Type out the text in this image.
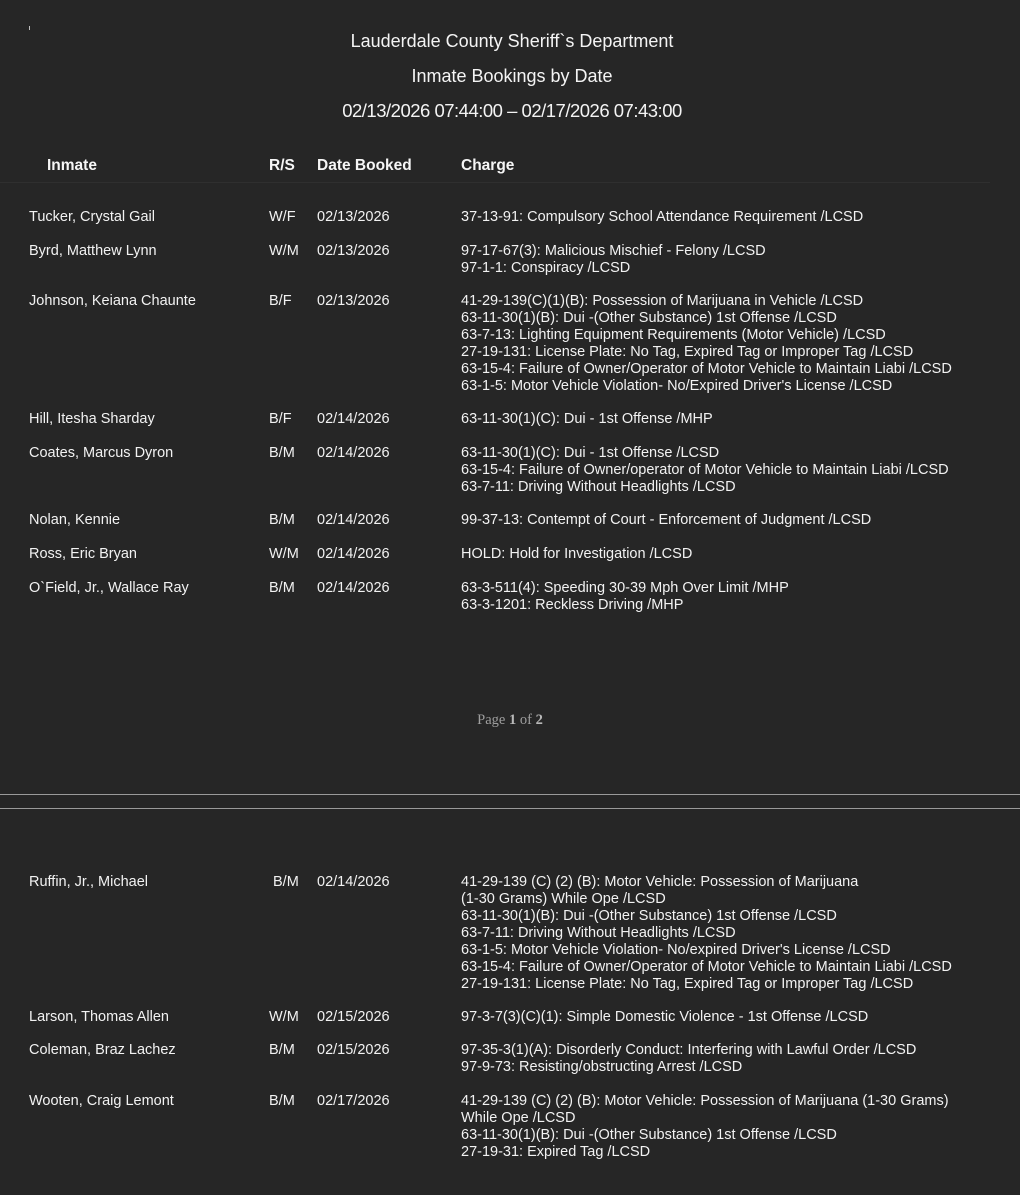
Lauderdale County Sheriff`s Department
Inmate Bookings by Date
02/13/2026 07:44:00 – 02/17/2026 07:43:00
Inmate	R/S Date Booked	Charge
Tucker, Crystal Gail	W/F 02/13/2026	37-13-91: Compulsory School Attendance Requirement /LCSD
Byrd, Matthew Lynn	W/M 02/13/2026	97-17-67(3): Malicious Mischief - Felony /LCSD
97-1-1: Conspiracy /LCSD
Johnson, Keiana Chaunte	B/F 02/13/2026	41-29-139(C)(1)(B): Possession of Marijuana in Vehicle /LCSD
63-11-30(1)(B): Dui -(Other Substance) 1st Offense /LCSD
63-7-13: Lighting Equipment Requirements (Motor Vehicle) /LCSD
27-19-131: License Plate: No Tag, Expired Tag or Improper Tag /LCSD
63-15-4: Failure of Owner/Operator of Motor Vehicle to Maintain Liabi /LCSD
63-1-5: Motor Vehicle Violation- No/Expired Driver's License /LCSD
Hill, Itesha Sharday	B/F 02/14/2026	63-11-30(1)(C): Dui - 1st Offense /MHP
Coates, Marcus Dyron	B/M 02/14/2026	63-11-30(1)(C): Dui - 1st Offense /LCSD
63-15-4: Failure of Owner/operator of Motor Vehicle to Maintain Liabi /LCSD
63-7-11: Driving Without Headlights /LCSD
Nolan, Kennie	B/M 02/14/2026	99-37-13: Contempt of Court - Enforcement of Judgment /LCSD
Ross, Eric Bryan	W/M 02/14/2026	HOLD: Hold for Investigation /LCSD
O`Field, Jr., Wallace Ray	B/M 02/14/2026	63-3-511(4): Speeding 30-39 Mph Over Limit /MHP
63-3-1201: Reckless Driving /MHP
Page 1 of 2
Ruffin, Jr., Michael	B/M 02/14/2026	41-29-139 (C) (2) (B): Motor Vehicle: Possession of Marijuana
(1-30 Grams) While Ope /LCSD
63-11-30(1)(B): Dui -(Other Substance) 1st Offense /LCSD
63-7-11: Driving Without Headlights /LCSD
63-1-5: Motor Vehicle Violation- No/expired Driver's License /LCSD
63-15-4: Failure of Owner/Operator of Motor Vehicle to Maintain Liabi /LCSD
27-19-131: License Plate: No Tag, Expired Tag or Improper Tag /LCSD
Larson, Thomas Allen	W/M 02/15/2026	97-3-7(3)(C)(1): Simple Domestic Violence - 1st Offense /LCSD
Coleman, Braz Lachez	B/M 02/15/2026	97-35-3(1)(A): Disorderly Conduct: Interfering with Lawful Order /LCSD
97-9-73: Resisting/obstructing Arrest /LCSD
Wooten, Craig Lemont	B/M 02/17/2026	41-29-139 (C) (2) (B): Motor Vehicle: Possession of Marijuana (1-30 Grams)
While Ope /LCSD
63-11-30(1)(B): Dui -(Other Substance) 1st Offense /LCSD
27-19-31: Expired Tag /LCSD
